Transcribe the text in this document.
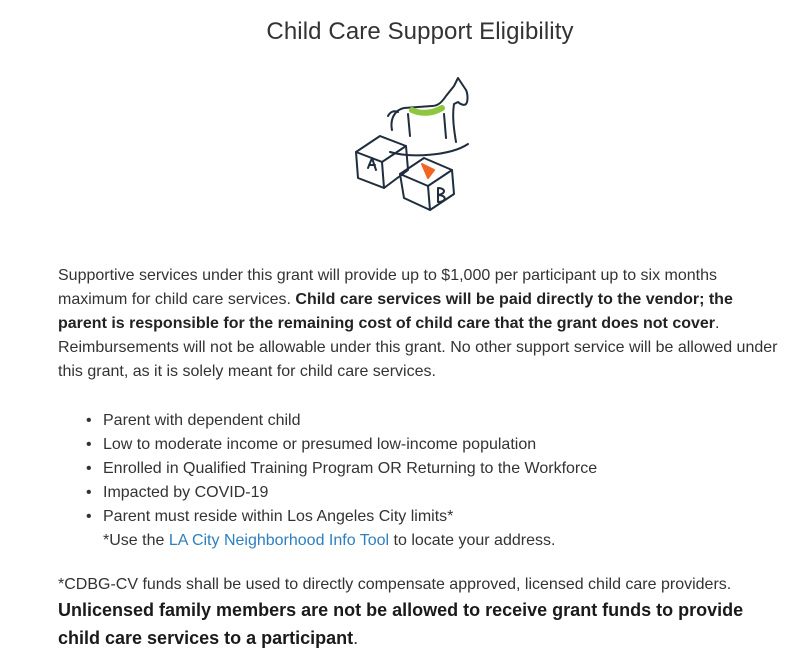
Child Care Support Eligibility

Supportive services under this grant will provide up to $1,000 per participant up to six months maximum for child care services. Child care services will be paid directly to the vendor; the parent is responsible for the remaining cost of child care that the grant does not cover. Reimbursements will not be allowable under this grant. No other support service will be allowed under this grant, as it is solely meant for child care services.

• Parent with dependent child
• Low to moderate income or presumed low-income population
• Enrolled in Qualified Training Program OR Returning to the Workforce
• Impacted by COVID-19
• Parent must reside within Los Angeles City limits*
*Use the LA City Neighborhood Info Tool to locate your address.

*CDBG-CV funds shall be used to directly compensate approved, licensed child care providers.

Unlicensed family members are not be allowed to receive grant funds to provide child care services to a participant.
